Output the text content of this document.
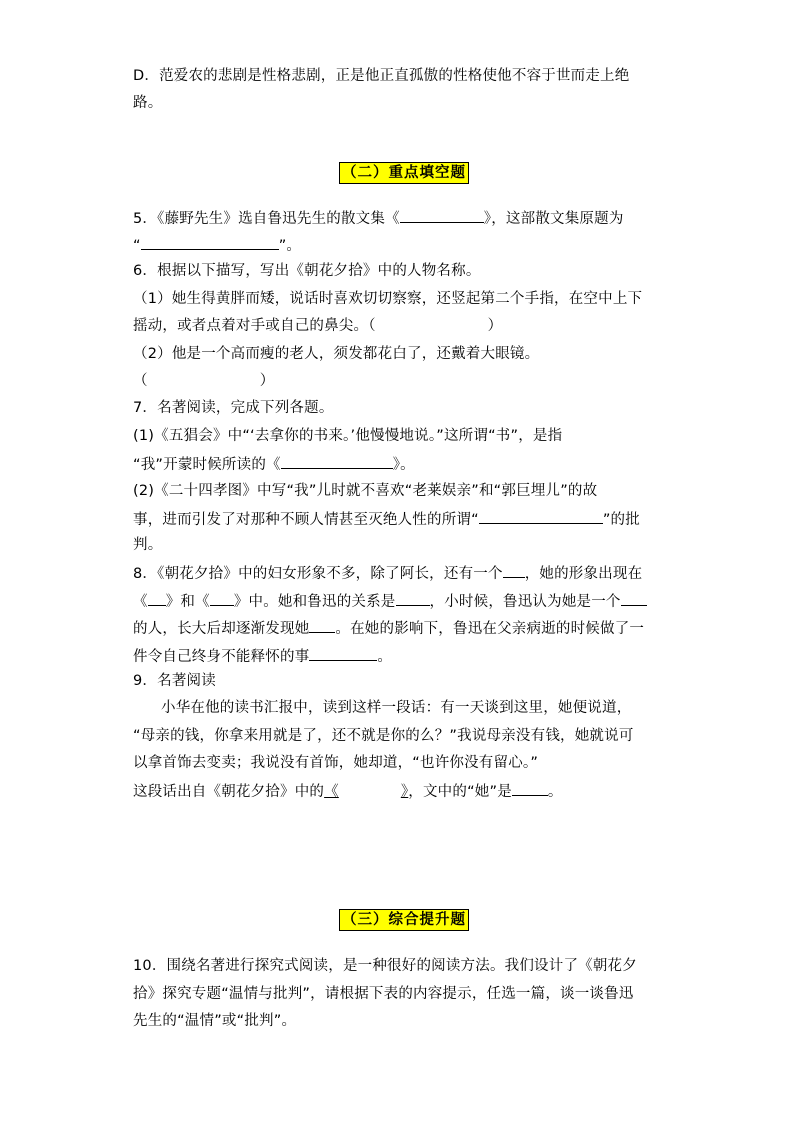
D．范爱农的悲剧是性格悲剧，正是他正直孤傲的性格使他不容于世而走上绝
路。
（二）重点填空题
5．《藤野先生》选自鲁迅先生的散文集《	》，这部散文集原题为
“	”。
6．根据以下描写，写出《朝花夕拾》中的人物名称。
（1）她生得黄胖而矮，说话时喜欢切切察察，还竖起第二个手指，在空中上下
摇动，或者点着对手或自己的鼻尖。（	）
（2）他是一个高而瘦的老人，须发都花白了，还戴着大眼镜。
（	）
7．名著阅读，完成下列各题。
(1)《五猖会》中“‘去拿你的书来。’他慢慢地说。”这所谓“书”，是指
“我”开蒙时候所读的《	》。
(2)《二十四孝图》中写“我”儿时就不喜欢“老莱娱亲”和“郭巨埋儿”的故
事，进而引发了对那种不顾人情甚至灭绝人性的所谓“	”的批
判。
8．《朝花夕拾》中的妇女形象不多，除了阿长，还有一个 ，她的形象出现在
《 》和《 》中。她和鲁迅的关系是 ，小时候，鲁迅认为她是一个
的人，长大后却逐渐发现她 。在她的影响下，鲁迅在父亲病逝的时候做了一
件令自己终身不能释怀的事	。
9．名著阅读
小华在他的读书汇报中，读到这样一段话：有一天谈到这里，她便说道，
“母亲的钱，你拿来用就是了，还不就是你的么？”我说母亲没有钱，她就说可
以拿首饰去变卖；我说没有首饰，她却道，“也许你没有留心。”
这段话出自《朝花夕拾》中的《	》，文中的“她”是 。
（三）综合提升题
10．围绕名著进行探究式阅读，是一种很好的阅读方法。我们设计了《朝花夕
拾》探究专题“温情与批判”，请根据下表的内容提示，任选一篇，谈一谈鲁迅
先生的“温情”或“批判”。
